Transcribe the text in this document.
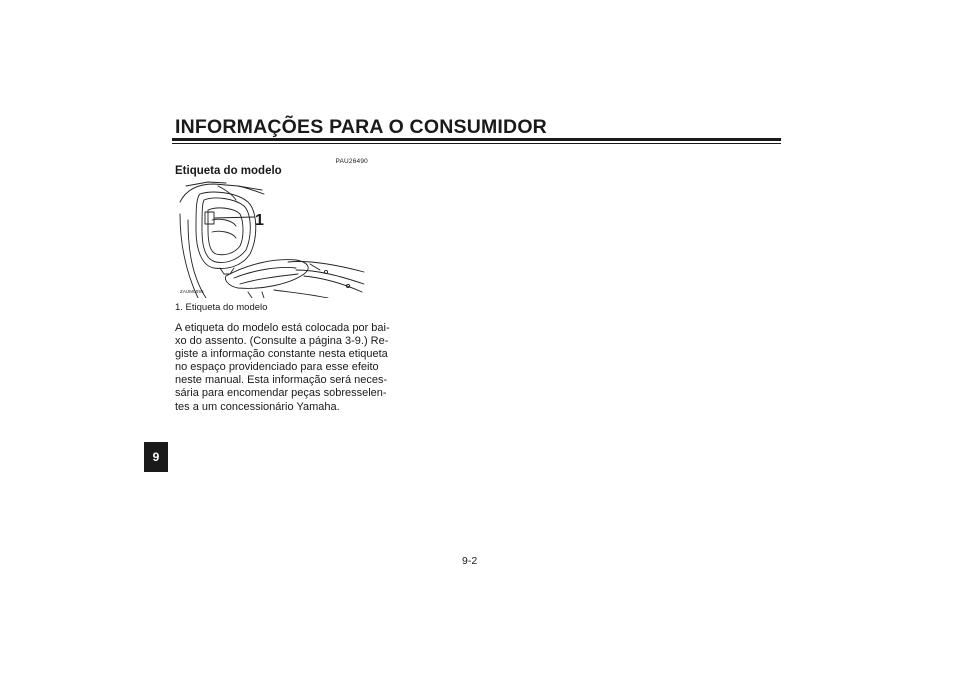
INFORMAÇÕES PARA O CONSUMIDOR
9
PAU26490
Etiqueta do modelo
1
ZAUM0095
1. Etiqueta do modelo
A etiqueta do modelo está colocada por bai-
xo do assento. (Consulte a página 3-9.) Re-
giste a informação constante nesta etiqueta
no espaço providenciado para esse efeito
neste manual. Esta informação será neces-
sária para encomendar peças sobresselen-
tes a um concessionário Yamaha.
9-2
